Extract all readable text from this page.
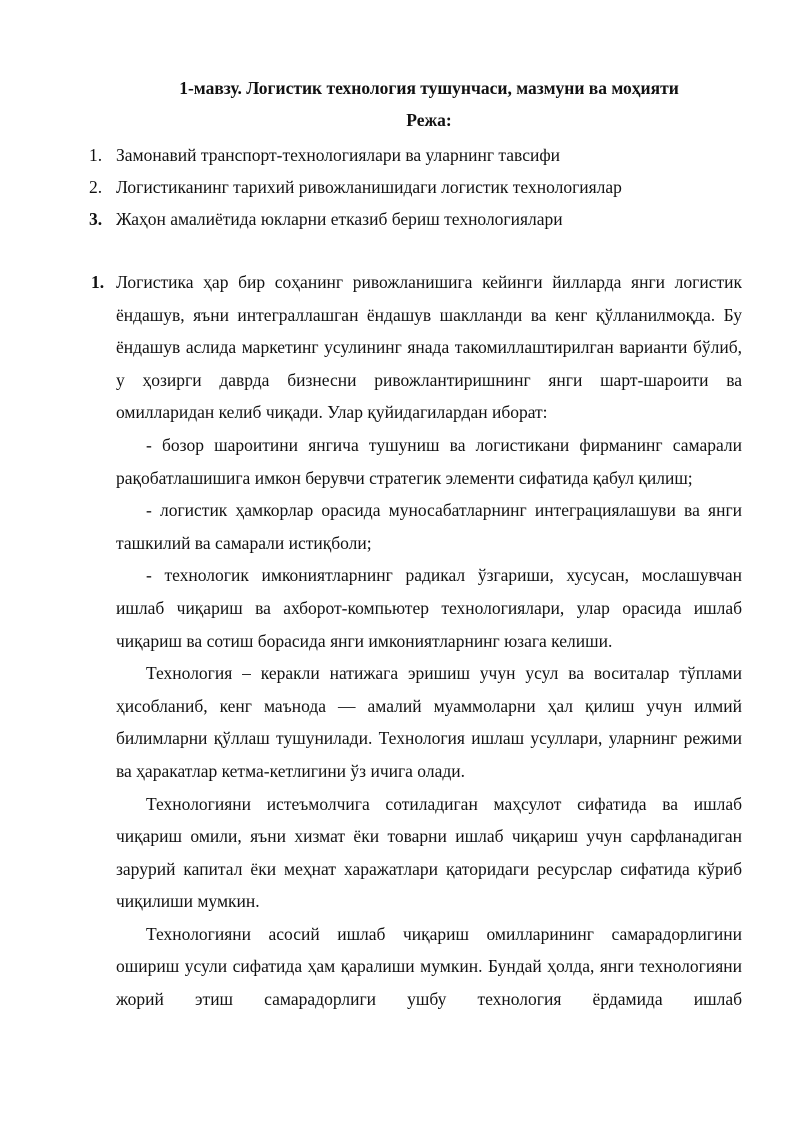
1-мавзу. Логистик технология тушунчаси, мазмуни ва моҳияти
Режа:
1. Замонавий транспорт-технологиялари ва уларнинг тавсифи
2. Логистиканинг тарихий ривожланишидаги логистик технологиялар
3. Жаҳон амалиётида юкларни етказиб бериш технологиялари
1. Логистика ҳар бир соҳанинг ривожланишига кейинги йилларда янги логистик ёндашув, яъни интеграллашган ёндашув шаклланди ва кенг қўлланилмоқда. Бу ёндашув аслида маркетинг усулининг янада такомиллаштирилган варианти бўлиб, у ҳозирги даврда бизнесни ривожлантиришнинг янги шарт-шароити ва омилларидан келиб чиқади. Улар қуйидагилардан иборат:

- бозор шароитини янгича тушуниш ва логистикани фирманинг самарали рақобатлашишига имкон берувчи стратегик элементи сифатида қабул қилиш;

- логистик ҳамкорлар орасида муносабатларнинг интеграциялашуви ва янги ташкилий ва самарали истиқболи;

- технологик имкониятларнинг радикал ўзгариши, хусусан, мослашувчан ишлаб чиқариш ва ахборот-компьютер технологиялари, улар орасида ишлаб чиқариш ва сотиш борасида янги имкониятларнинг юзага келиши.

Технология – керакли натижага эришиш учун усул ва воситалар тўплами ҳисобланиб, кенг маънода — амалий муаммоларни ҳал қилиш учун илмий билимларни қўллаш тушунилади. Технология ишлаш усуллари, уларнинг режими ва ҳаракатлар кетма-кетлигини ўз ичига олади.

Технологияни истеъмолчига сотиладиган маҳсулот сифатида ва ишлаб чиқариш омили, яъни хизмат ёки товарни ишлаб чиқариш учун сарфланадиган зарурий капитал ёки меҳнат харажатлари қаторидаги ресурслар сифатида кўриб чиқилиши мумкин.

Технологияни асосий ишлаб чиқариш омилларининг самарадорлигини ошириш усули сифатида ҳам қаралиши мумкин. Бундай ҳолда, янги технологияни жорий этиш самарадорлиги ушбу технология ёрдамида ишлаб
